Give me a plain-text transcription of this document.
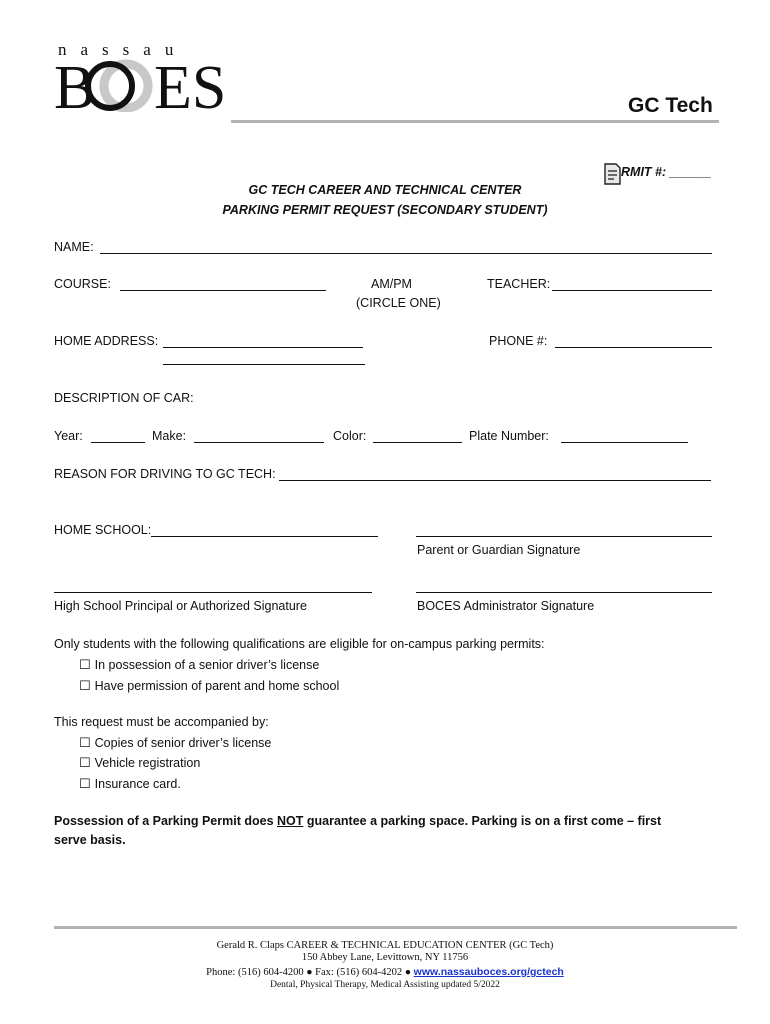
nassau
B ES	GC Tech
RMIT #: ______
GC TECH CAREER AND TECHNICAL CENTER
PARKING PERMIT REQUEST (SECONDARY STUDENT)
NAME:
COURSE:	AM/PM
(CIRCLE ONE)
TEACHER:
HOME ADDRESS:	PHONE #:
DESCRIPTION OF CAR:
Year:	Make:	Color:	Plate Number:
REASON FOR DRIVING TO GC TECH:
HOME SCHOOL:
Parent or Guardian Signature
High School Principal or Authorized Signature	BOCES Administrator Signature
Only students with the following qualifications are eligible for on-campus parking permits:
☐ In possession of a senior driver’s license
☐ Have permission of parent and home school
This request must be accompanied by:
☐ Copies of senior driver’s license
☐ Vehicle registration
☐ Insurance card.
Possession of a Parking Permit does NOT guarantee a parking space. Parking is on a first come – first
serve basis.
Gerald R. Claps CAREER & TECHNICAL EDUCATION CENTER (GC Tech)
150 Abbey Lane, Levittown, NY 11756
Phone: (516) 604-4200 ● Fax: (516) 604-4202 ● www.nassauboces.org/gctech
Dental, Physical Therapy, Medical Assisting updated 5/2022
